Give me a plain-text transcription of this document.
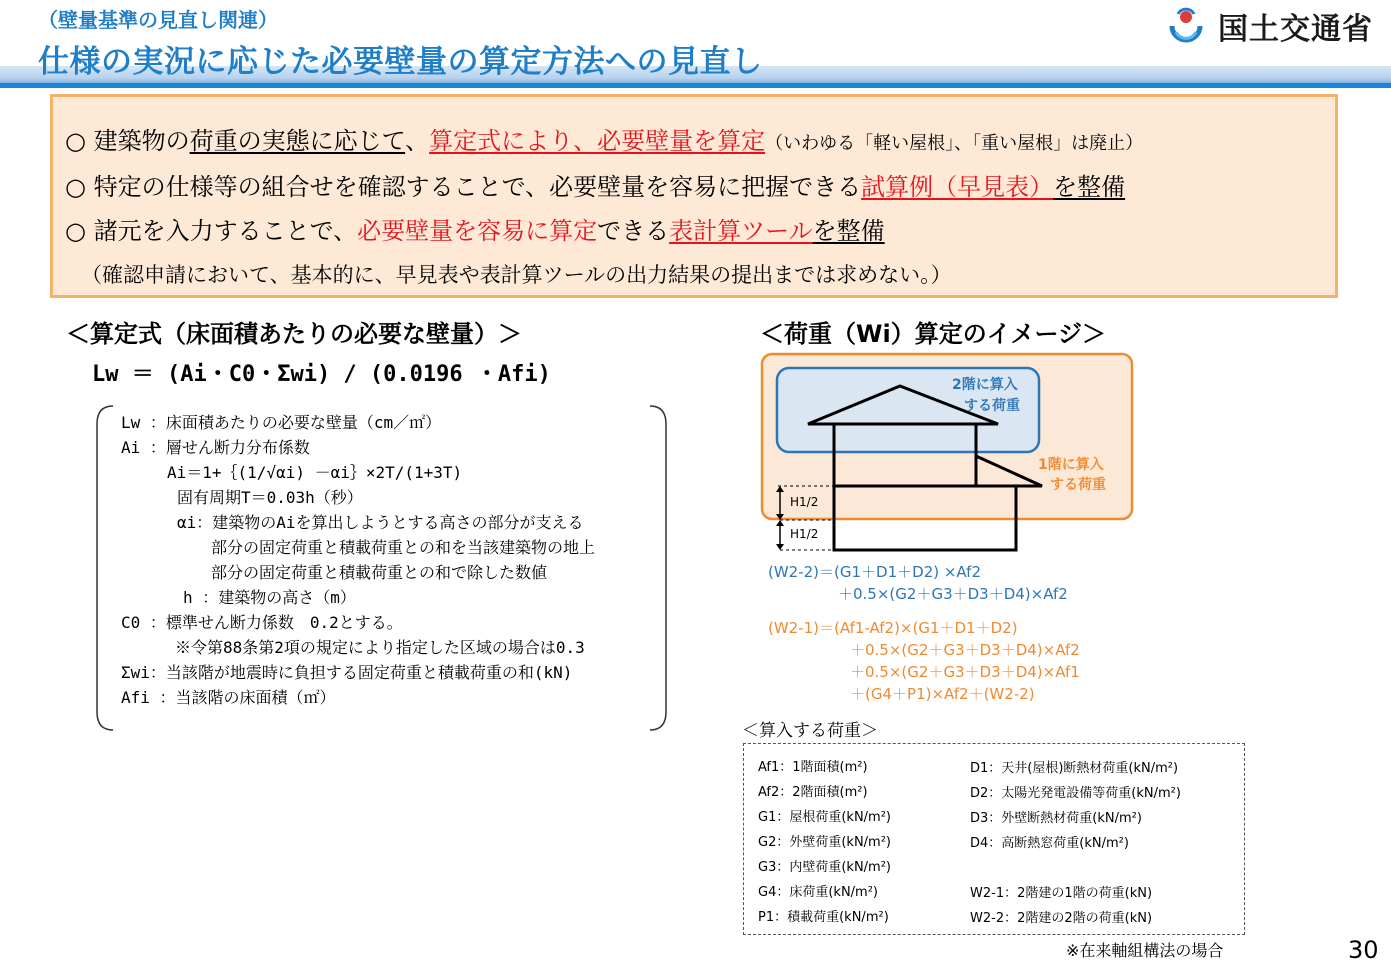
（壁量基準の見直し関連）
仕様の実況に応じた必要壁量の算定方法への見直し
国土交通省
○ 建築物の荷重の実態に応じて、算定式により、必要壁量を算定（いわゆる「軽い屋根」、「重い屋根」は廃止）
○ 特定の仕様等の組合せを確認することで、必要壁量を容易に把握できる試算例（早見表）を整備
○ 諸元を入力することで、必要壁量を容易に算定できる表計算ツールを整備
（確認申請において、基本的に、早見表や表計算ツールの出力結果の提出までは求めない。）
＜算定式（床面積あたりの必要な壁量）＞
Lw ＝ (Ai・C0・Σwi) / (0.0196 ・Afi)
Lw ：床面積あたりの必要な壁量（cm／㎡）
Ai ：層せん断力分布係数
Ai＝1+｛(1/√αi) －αi｝×2T/(1+3T)
固有周期T＝0.03h（秒）
αi：建築物のAiを算出しようとする高さの部分が支える
部分の固定荷重と積載荷重との和を当該建築物の地上
部分の固定荷重と積載荷重との和で除した数値
h ：建築物の高さ（m）
C0 ：標準せん断力係数　0.2とする。
※令第88条第2項の規定により指定した区域の場合は0.3
Σwi：当該階が地震時に負担する固定荷重と積載荷重の和(kN)
Afi ：当該階の床面積（㎡）
＜荷重（Wi）算定のイメージ＞
2階に算入
する荷重
1階に算入
する荷重
H1/2
H1/2
(W2-2)＝(G1＋D1＋D2) ×Af2
＋0.5×(G2＋G3＋D3＋D4)×Af2
(W2-1)＝(Af1-Af2)×(G1＋D1＋D2)
＋0.5×(G2＋G3＋D3＋D4)×Af2
＋0.5×(G2＋G3＋D3＋D4)×Af1
＋(G4＋P1)×Af2＋(W2-2)
＜算入する荷重＞
Af1：1階面積(m²)
Af2：2階面積(m²)
G1：屋根荷重(kN/m²)
G2：外壁荷重(kN/m²)
G3：内壁荷重(kN/m²)
G4：床荷重(kN/m²)
P1：積載荷重(kN/m²)
D1：天井(屋根)断熱材荷重(kN/m²)
D2：太陽光発電設備等荷重(kN/m²)
D3：外壁断熱材荷重(kN/m²)
D4：高断熱窓荷重(kN/m²)
W2-1：2階建の1階の荷重(kN)
W2-2：2階建の2階の荷重(kN)
※在来軸組構法の場合	30
